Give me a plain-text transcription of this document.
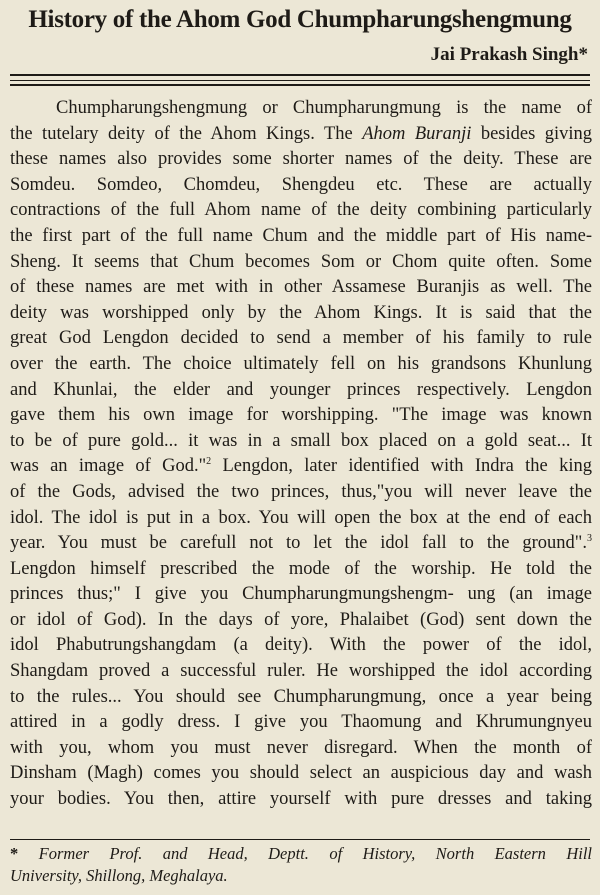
History of the Ahom God Chumpharungshengmung
Jai Prakash Singh*
Chumpharungshengmung or Chumpharungmung is the name of
the tutelary deity of the Ahom Kings. The Ahom Buranji besides giving
these names also provides some shorter names of the deity. These are
Somdeu. Somdeo, Chomdeu, Shengdeu etc. These are actually
contractions of the full Ahom name of the deity combining particularly
the first part of the full name Chum and the middle part of His name-
Sheng. It seems that Chum becomes Som or Chom quite often. Some
of these names are met with in other Assamese Buranjis as well. The
deity was worshipped only by the Ahom Kings. It is said that the
great God Lengdon decided to send a member of his family to rule
over the earth. The choice ultimately fell on his grandsons Khunlung
and Khunlai, the elder and younger princes respectively. Lengdon
gave them his own image for worshipping. "The image was known
to be of pure gold... it was in a small box placed on a gold seat... It
was an image of God."$^2$ Lengdon, later identified with Indra the king
of the Gods, advised the two princes, thus,"you will never leave the
idol. The idol is put in a box. You will open the box at the end of each
year. You must be carefull not to let the idol fall to the ground".$^3$
Lengdon himself prescribed the mode of the worship. He told the
princes thus;" I give you Chumpharungmungshengm- ung (an image
or idol of God). In the days of yore, Phalaibet (God) sent down the
idol Phabutrungshangdam (a deity). With the power of the idol,
Shangdam proved a successful ruler. He worshipped the idol according
to the rules... You should see Chumpharungmung, once a year being
attired in a godly dress. I give you Thaomung and Khrumungnyeu
with you, whom you must never disregard. When the month of
Dinsham (Magh) comes you should select an auspicious day and wash
your bodies. You then, attire yourself with pure dresses and taking
* Former Prof. and Head, Deptt. of History, North Eastern Hill
University, Shillong, Meghalaya.
